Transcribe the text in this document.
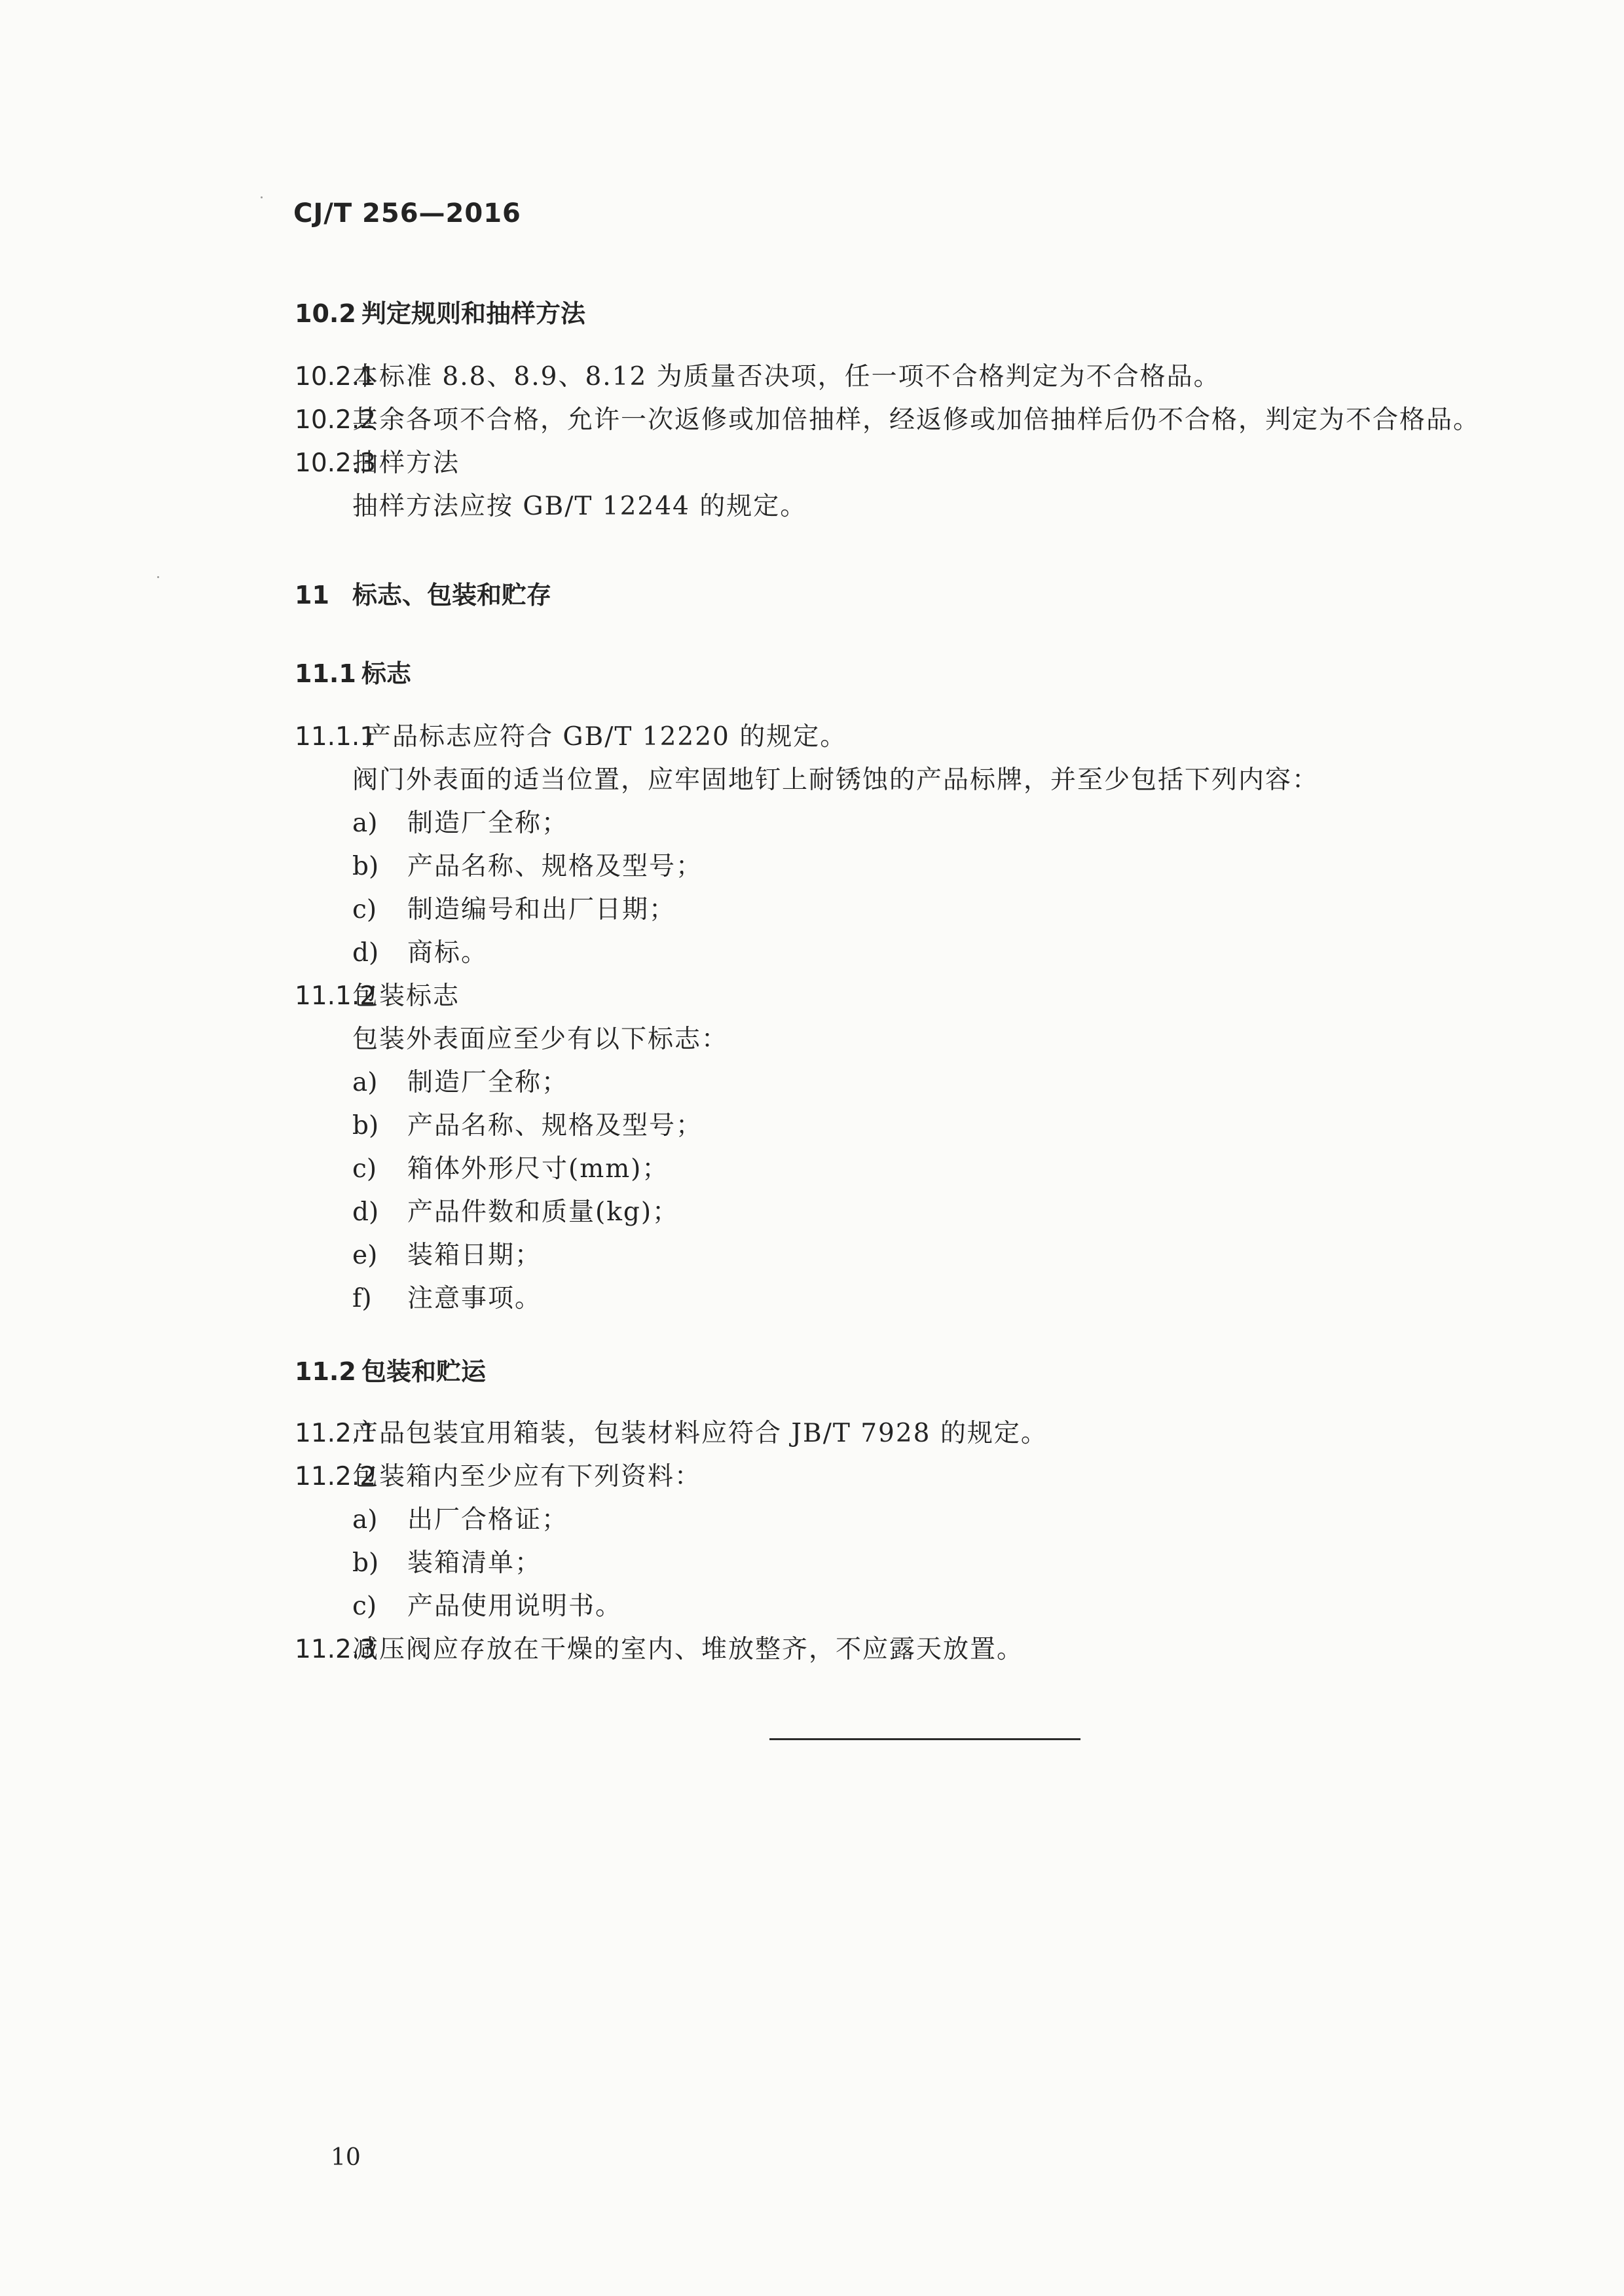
CJ/T 256—2016
10.2 判定规则和抽样方法
10.2.1本标准 8.8、8.9、8.12 为质量否决项，任一项不合格判定为不合格品。
10.2.2其余各项不合格，允许一次返修或加倍抽样，经返修或加倍抽样后仍不合格，判定为不合格品。
10.2.3抽样方法
抽样方法应按 GB/T 12244 的规定。
11 标志、包装和贮存
11.1 标志
11.1.1产品标志应符合 GB/T 12220 的规定。
阀门外表面的适当位置，应牢固地钉上耐锈蚀的产品标牌，并至少包括下列内容：
a) 制造厂全称；
b) 产品名称、规格及型号；
c) 制造编号和出厂日期；
d) 商标。
11.1.2包装标志
包装外表面应至少有以下标志：
a) 制造厂全称；
b) 产品名称、规格及型号；
c) 箱体外形尺寸(mm)；
d) 产品件数和质量(kg)；
e) 装箱日期；
f) 注意事项。
11.2 包装和贮运
11.2.1产品包装宜用箱装，包装材料应符合 JB/T 7928 的规定。
11.2.2包装箱内至少应有下列资料：
a) 出厂合格证；
b) 装箱清单；
c) 产品使用说明书。
11.2.3减压阀应存放在干燥的室内、堆放整齐，不应露天放置。
10
